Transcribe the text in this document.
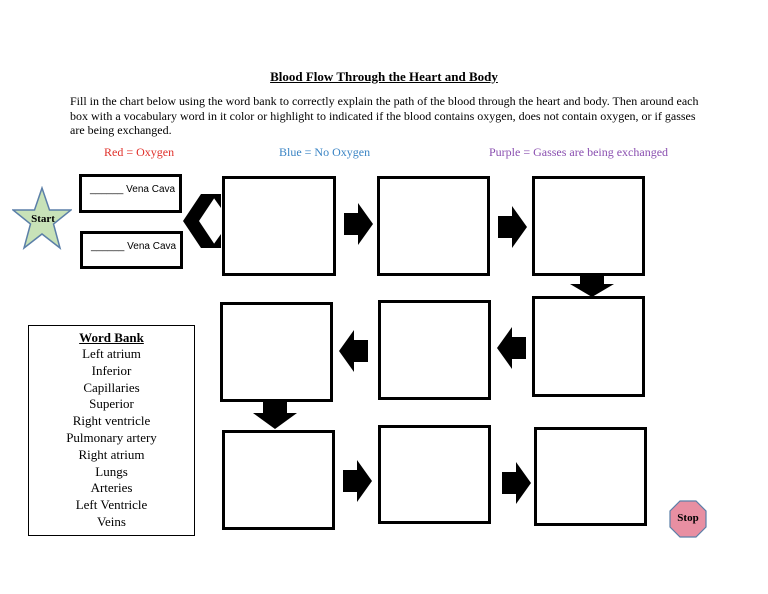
Blood Flow Through the Heart and Body
Fill in the chart below using the word bank to correctly explain the path of the blood through the heart and body. Then around each box with a vocabulary word in it color or highlight to indicated if the blood contains oxygen, does not contain oxygen, or if gasses are being exchanged.
Red = Oxygen	Blue = No Oxygen	Purple = Gasses are being exchanged
Start
______ Vena Cava
______ Vena Cava
Stop
Word Bank
Left atrium
Inferior
Capillaries
Superior
Right ventricle
Pulmonary artery
Right atrium
Lungs
Arteries
Left Ventricle
Veins
